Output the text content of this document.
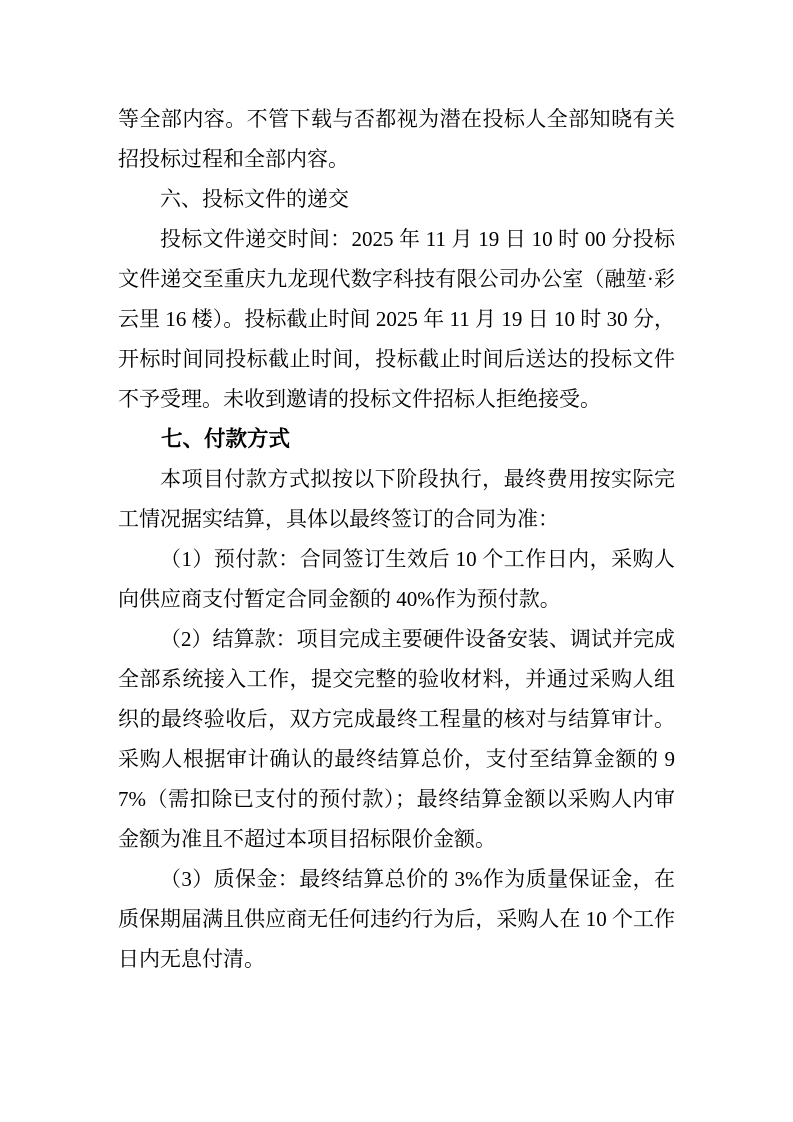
等全部内容。不管下载与否都视为潜在投标人全部知晓有关招投标过程和全部内容。

六、投标文件的递交

投标文件递交时间：2025 年 11 月 19 日 10 时 00 分投标文件递交至重庆九龙现代数字科技有限公司办公室（融堃·彩云里 16 楼）。投标截止时间 2025 年 11 月 19 日 10 时 30 分，开标时间同投标截止时间，投标截止时间后送达的投标文件不予受理。未收到邀请的投标文件招标人拒绝接受。

七、付款方式

本项目付款方式拟按以下阶段执行，最终费用按实际完工情况据实结算，具体以最终签订的合同为准：

（1）预付款：合同签订生效后 10 个工作日内，采购人向供应商支付暂定合同金额的 40%作为预付款。

（2）结算款：项目完成主要硬件设备安装、调试并完成全部系统接入工作，提交完整的验收材料，并通过采购人组织的最终验收后，双方完成最终工程量的核对与结算审计。采购人根据审计确认的最终结算总价，支付至结算金额的 97%（需扣除已支付的预付款）；最终结算金额以采购人内审金额为准且不超过本项目招标限价金额。

（3）质保金：最终结算总价的 3%作为质量保证金，在质保期届满且供应商无任何违约行为后，采购人在 10 个工作日内无息付清。
